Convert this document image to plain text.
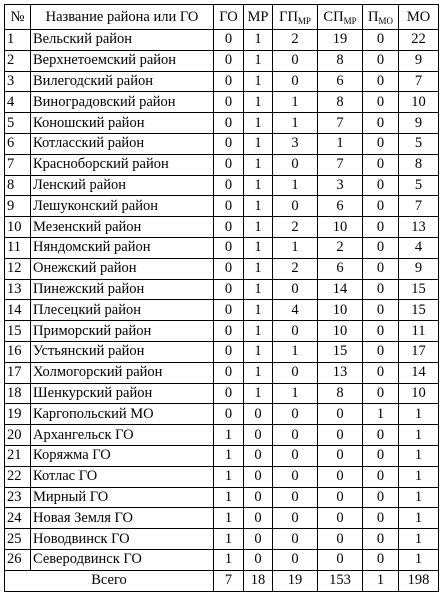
№	Название района или ГО	ГО	МР	$ГП_{МР}$	$СП_{МР}$	$П_{МО}$	МО
1	Вельский район	0	1	2	19	0	22
2	Верхнетоемский район	0	1	0	8	0	9
3	Вилегодский район	0	1	0	6	0	7
4	Виноградовский район	0	1	1	8	0	10
5	Коношский район	0	1	1	7	0	9
6	Котласский район	0	1	3	1	0	5
7	Красноборский район	0	1	0	7	0	8
8	Ленский район	0	1	1	3	0	5
9	Лешуконский район	0	1	0	6	0	7
10	Мезенский район	0	1	2	10	0	13
11	Няндомский район	0	1	1	2	0	4
12	Онежский район	0	1	2	6	0	9
13	Пинежский район	0	1	0	14	0	15
14	Плесецкий район	0	1	4	10	0	15
15	Приморский район	0	1	0	10	0	11
16	Устьянский район	0	1	1	15	0	17
17	Холмогорский район	0	1	0	13	0	14
18	Шенкурский район	0	1	1	8	0	10
19	Каргопольский МО	0	0	0	0	1	1
20	Архангельск ГО	1	0	0	0	0	1
21	Коряжма ГО	1	0	0	0	0	1
22	Котлас ГО	1	0	0	0	0	1
23	Мирный ГО	1	0	0	0	0	1
24	Новая Земля ГО	1	0	0	0	0	1
25	Новодвинск ГО	1	0	0	0	0	1
26	Северодвинск ГО	1	0	0	0	0	1
Всего		7	18	19	153	1	198
